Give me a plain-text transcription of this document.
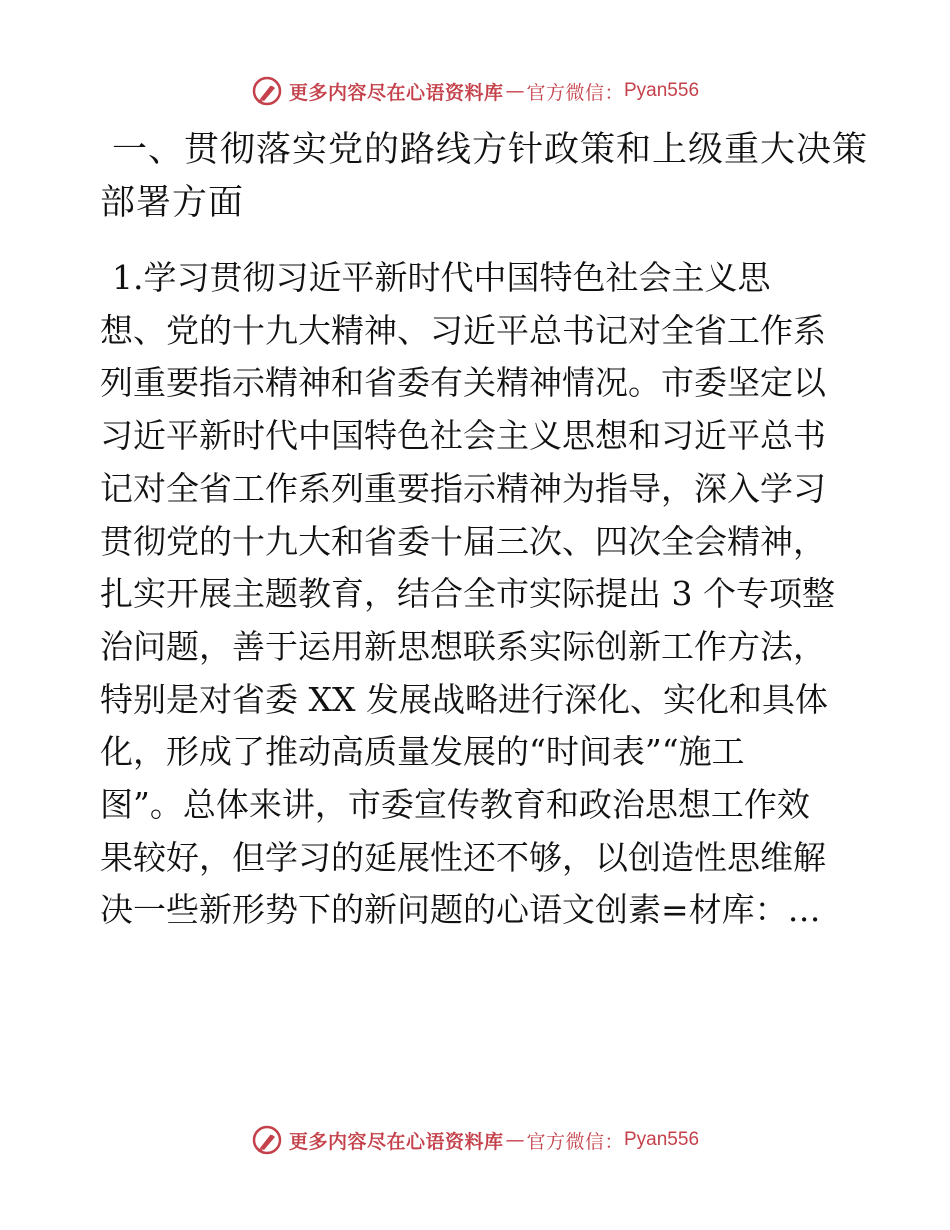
更多内容尽在心语资料库 — 官方微信： Pyan556
一、贯彻落实党的路线方针政策和上级重大决策
部署方面
1.学习贯彻习近平新时代中国特色社会主义思
想、党的十九大精神、习近平总书记对全省工作系
列重要指示精神和省委有关精神情况。市委坚定以
习近平新时代中国特色社会主义思想和习近平总书
记对全省工作系列重要指示精神为指导，深入学习
贯彻党的十九大和省委十届三次、四次全会精神，
扎实开展主题教育，结合全市实际提出 3 个专项整
治问题，善于运用新思想联系实际创新工作方法，
特别是对省委 XX 发展战略进行深化、实化和具体
化，形成了推动高质量发展的“时间表”“施工
图”。总体来讲，市委宣传教育和政治思想工作效
果较好，但学习的延展性还不够，以创造性思维解
决一些新形势下的新问题的心语文创素=材库：…
更多内容尽在心语资料库 — 官方微信： Pyan556
